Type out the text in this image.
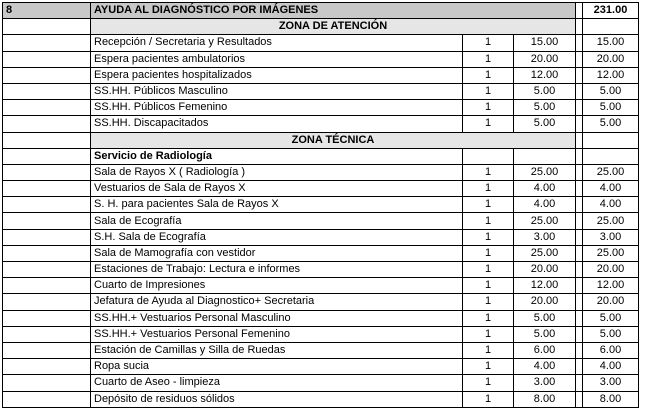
8	AYUDA AL DIAGNÓSTICO POR IMÁGENES				231.00
	ZONA DE ATENCIÓN				
	Recepción / Secretaria y Resultados	1	15.00		15.00
	Espera pacientes ambulatorios	1	20.00		20.00
	Espera pacientes hospitalizados	1	12.00		12.00
	SS.HH. Públicos Masculino	1	5.00		5.00
	SS.HH. Públicos Femenino	1	5.00		5.00
	SS.HH. Discapacitados	1	5.00		5.00
	ZONA TÉCNICA				
	Servicio de Radiología				
	Sala de Rayos X ( Radiología )	1	25.00		25.00
	Vestuarios de Sala de Rayos X	1	4.00		4.00
	S. H. para pacientes Sala de Rayos X	1	4.00		4.00
	Sala de Ecografía	1	25.00		25.00
	S.H. Sala de Ecografía	1	3.00		3.00
	Sala de Mamografía con vestidor	1	25.00		25.00
	Estaciones de Trabajo: Lectura e informes	1	20.00		20.00
	Cuarto de Impresiones	1	12.00		12.00
	Jefatura de Ayuda al Diagnostico+ Secretaria	1	20.00		20.00
	SS.HH.+ Vestuarios Personal Masculino	1	5.00		5.00
	SS.HH.+ Vestuarios Personal Femenino	1	5.00		5.00
	Estación de Camillas y Silla de Ruedas	1	6.00		6.00
	Ropa sucia	1	4.00		4.00
	Cuarto de Aseo - limpieza	1	3.00		3.00
	Depósito de residuos sólidos	1	8.00		8.00
